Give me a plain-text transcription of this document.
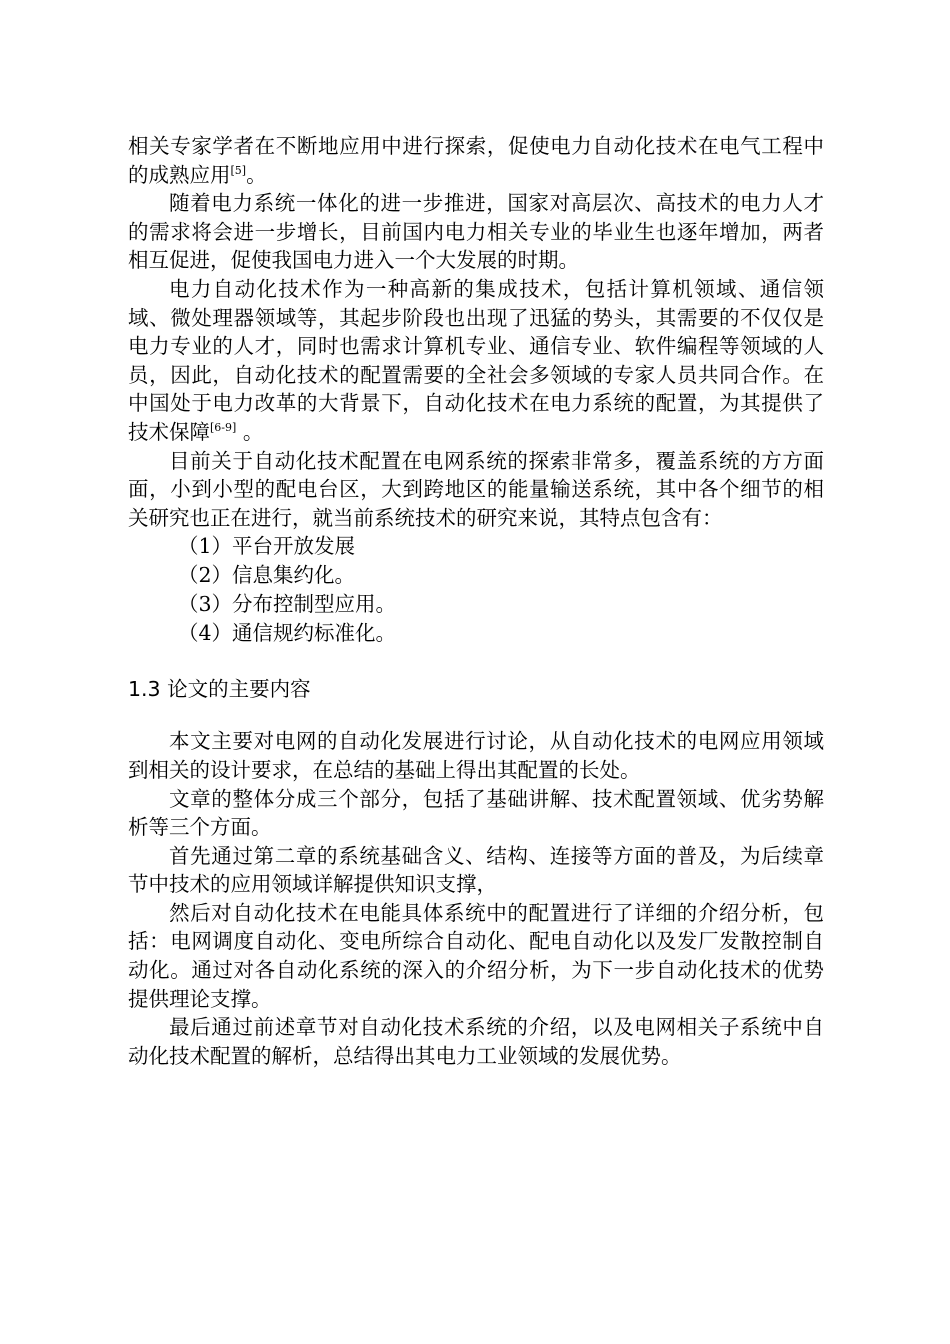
相关专家学者在不断地应用中进行探索，促使电力自动化技术在电气工程中的成熟应用[5]。

随着电力系统一体化的进一步推进，国家对高层次、高技术的电力人才的需求将会进一步增长，目前国内电力相关专业的毕业生也逐年增加，两者相互促进，促使我国电力进入一个大发展的时期。

电力自动化技术作为一种高新的集成技术，包括计算机领域、通信领域、微处理器领域等，其起步阶段也出现了迅猛的势头，其需要的不仅仅是电力专业的人才，同时也需求计算机专业、通信专业、软件编程等领域的人员，因此，自动化技术的配置需要的全社会多领域的专家人员共同合作。在中国处于电力改革的大背景下，自动化技术在电力系统的配置，为其提供了技术保障[6-9] 。

目前关于自动化技术配置在电网系统的探索非常多，覆盖系统的方方面面，小到小型的配电台区，大到跨地区的能量输送系统，其中各个细节的相关研究也正在进行，就当前系统技术的研究来说，其特点包含有：

（1）平台开放发展

（2）信息集约化。

（3）分布控制型应用。

（4）通信规约标准化。

1.3 论文的主要内容

本文主要对电网的自动化发展进行讨论，从自动化技术的电网应用领域到相关的设计要求，在总结的基础上得出其配置的长处。

文章的整体分成三个部分，包括了基础讲解、技术配置领域、优劣势解析等三个方面。

首先通过第二章的系统基础含义、结构、连接等方面的普及，为后续章节中技术的应用领域详解提供知识支撑，

然后对自动化技术在电能具体系统中的配置进行了详细的介绍分析，包括：电网调度自动化、变电所综合自动化、配电自动化以及发厂发散控制自动化。通过对各自动化系统的深入的介绍分析，为下一步自动化技术的优势提供理论支撑。

最后通过前述章节对自动化技术系统的介绍，以及电网相关子系统中自动化技术配置的解析，总结得出其电力工业领域的发展优势。
